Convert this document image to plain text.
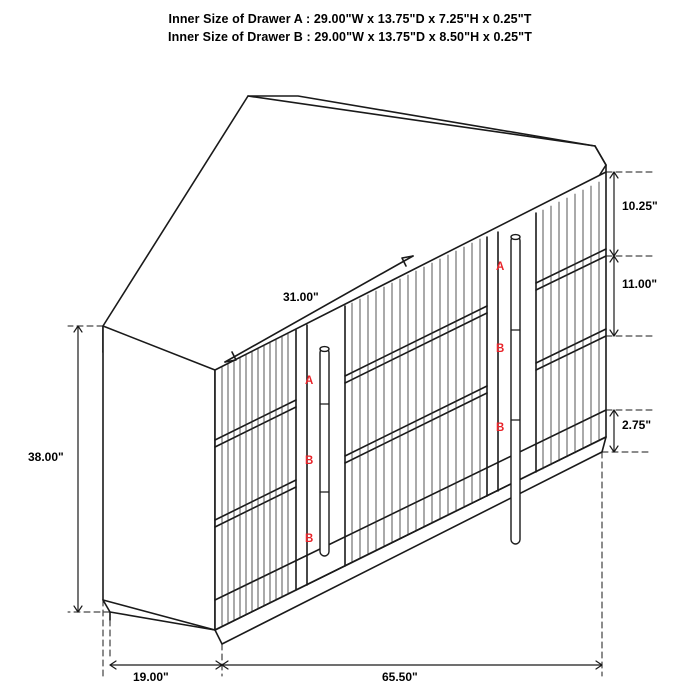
Inner Size of Drawer A : 29.00"W x 13.75"D x 7.25"H x 0.25"T
Inner Size of Drawer B : 29.00"W x 13.75"D x 8.50"H x 0.25"T
38.00"
19.00"	65.50"
10.25"
11.00"
2.75"
31.00"
A
B
B
A
B
B
